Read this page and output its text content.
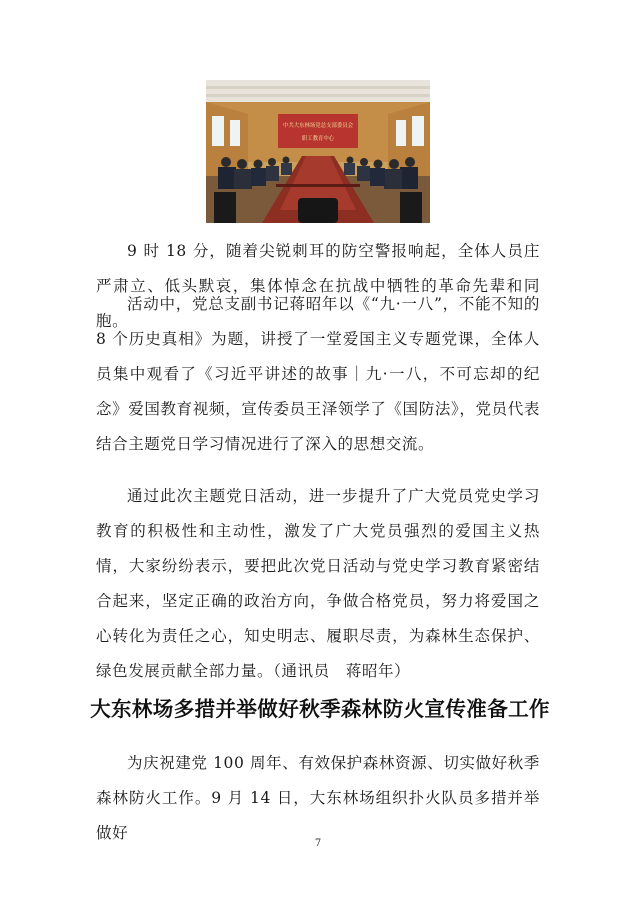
中共大东林场党总支部委员会
职工教育中心

9 时 18 分，随着尖锐刺耳的防空警报响起，全体人员庄严肃立、低头默哀，集体悼念在抗战中牺牲的革命先辈和同胞。

活动中，党总支副书记蒋昭年以《“九·一八”，不能不知的 8 个历史真相》为题，讲授了一堂爱国主义专题党课，全体人员集中观看了《习近平讲述的故事｜九·一八，不可忘却的纪念》爱国教育视频，宣传委员王泽领学了《国防法》，党员代表结合主题党日学习情况进行了深入的思想交流。

通过此次主题党日活动，进一步提升了广大党员党史学习教育的积极性和主动性，激发了广大党员强烈的爱国主义热情，大家纷纷表示，要把此次党日活动与党史学习教育紧密结合起来，坚定正确的政治方向，争做合格党员，努力将爱国之心转化为责任之心，知史明志、履职尽责，为森林生态保护、绿色发展贡献全部力量。（通讯员　蒋昭年）

大东林场多措并举做好秋季森林防火宣传准备工作

为庆祝建党 100 周年、有效保护森林资源、切实做好秋季森林防火工作。9 月 14 日，大东林场组织扑火队员多措并举做好

7
